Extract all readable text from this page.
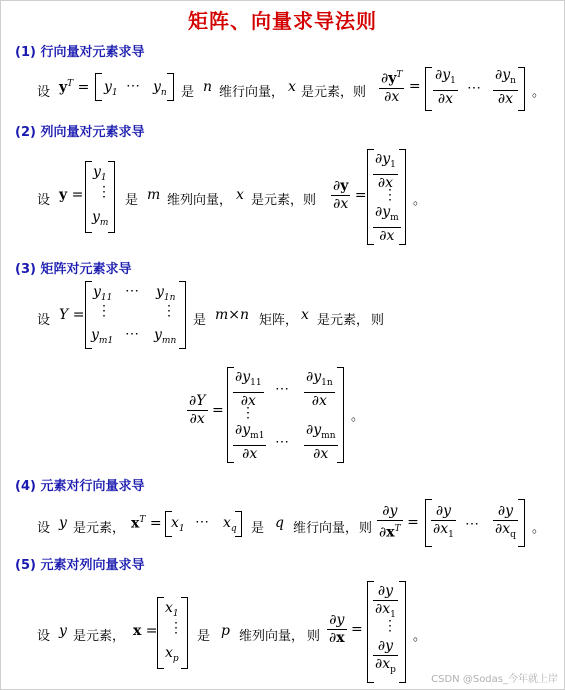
矩阵、向量求导法则
(1) 行向量对元素求导
设 $y^T = y_1$ ⋯ $y_n$ 是 n 维行向量， x 是元素，则 $\frac{\partial y^T}{\partial x} = \frac{\partial y_1}{\partial x}$ ⋯ $\frac{\partial y_n}{\partial x}$ 。
(2) 列向量对元素求导
设 y =
$y_1$
⋮
$y_m$
是 m 维列向量， x 是元素，则 $\frac{\partial y}{\partial x}$ =
$\frac{\partial y_1}{\partial x}$
⋮
$\frac{\partial y_m}{\partial x}$
。
(3) 矩阵对元素求导
设 Y =
$y_{11}$ ⋯ $y_{1n}$
⋮	⋮
$y_{m1}$ ⋯ $y_{mn}$
是 m×n 矩阵， x 是元素， 则
$\frac{\partial Y}{\partial x}$ =
$\frac{\partial y_{11}}{\partial x}$ ⋯ $\frac{\partial y_{1n}}{\partial x}$
⋮
$\frac{\partial y_{m1}}{\partial x}$ ⋯ $\frac{\partial y_{mn}}{\partial x}$
。
(4) 元素对行向量求导
设 y 是元素， $x^T = x_1$ ⋯ $x_q$ 是 q 维行向量， 则 $\frac{\partial y}{\partial x^T} = \frac{\partial y}{\partial x_1}$ ⋯ $\frac{\partial y}{\partial x_q}$ 。
(5) 元素对列向量求导
设 y 是元素， x =
$x_1$
⋮
$x_p$
是 p 维列向量， 则 $\frac{\partial y}{\partial x}$ =
$\frac{\partial y}{\partial x_1}$
⋮
$\frac{\partial y}{\partial x_p}$
。
CSDN @Sodas_今年就上岸
